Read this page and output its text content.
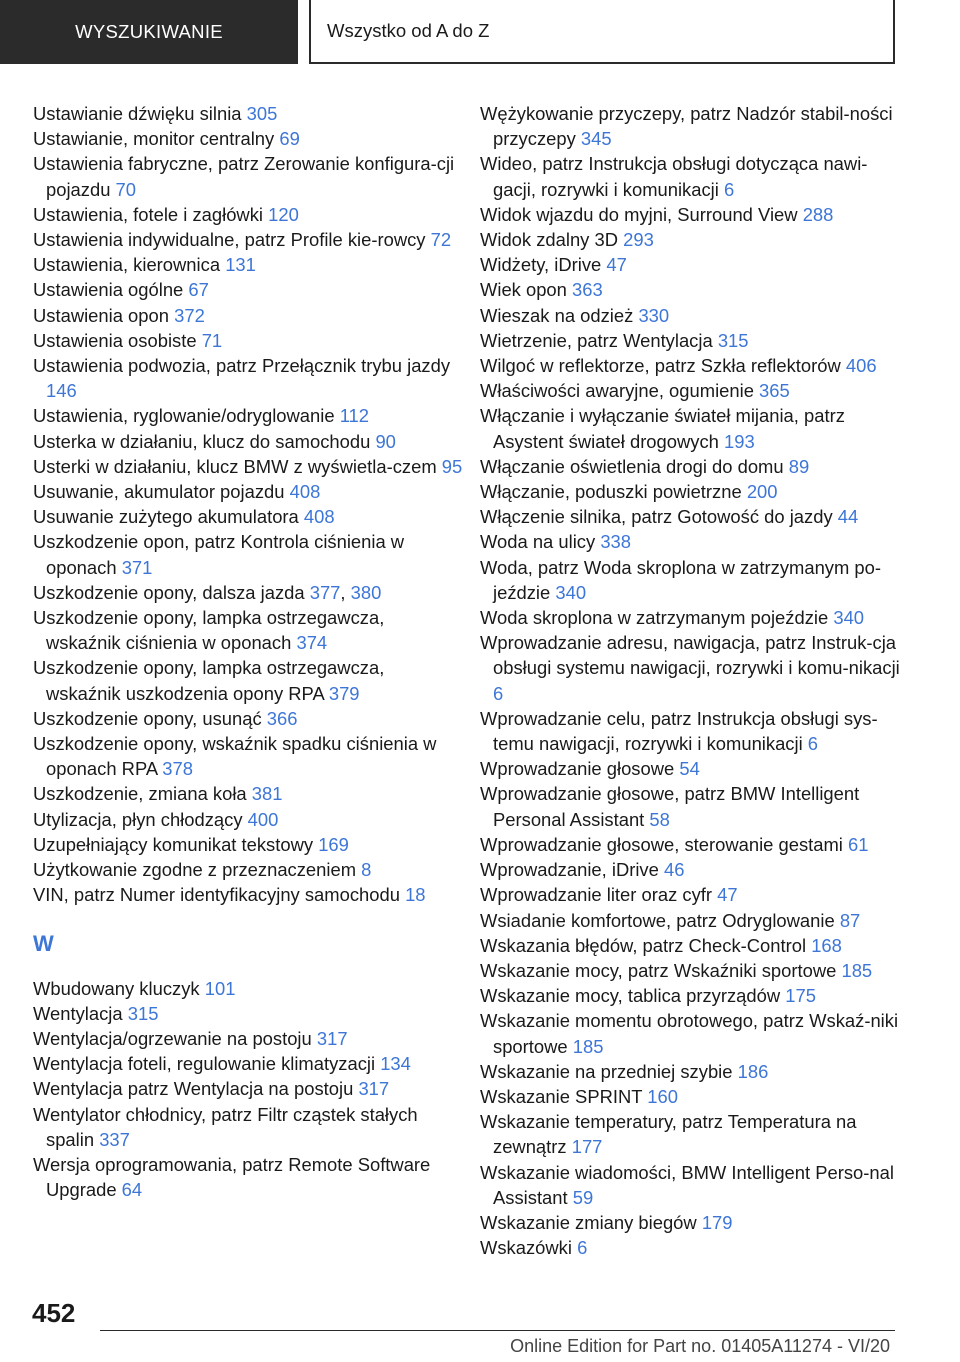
WYSZUKIWANIE	Wszystko od A do Z
Ustawianie dźwięku silnia 305
Ustawianie, monitor centralny 69
Ustawienia fabryczne, patrz Zerowanie konfigura-cji pojazdu 70
Ustawienia, fotele i zagłówki 120
Ustawienia indywidualne, patrz Profile kie-rowcy 72
Ustawienia, kierownica 131
Ustawienia ogólne 67
Ustawienia opon 372
Ustawienia osobiste 71
Ustawienia podwozia, patrz Przełącznik trybu jazdy 146
Ustawienia, ryglowanie/odryglowanie 112
Usterka w działaniu, klucz do samochodu 90
Usterki w działaniu, klucz BMW z wyświetla-czem 95
Usuwanie, akumulator pojazdu 408
Usuwanie zużytego akumulatora 408
Uszkodzenie opon, patrz Kontrola ciśnienia w oponach 371
Uszkodzenie opony, dalsza jazda 377, 380
Uszkodzenie opony, lampka ostrzegawcza, wskaźnik ciśnienia w oponach 374
Uszkodzenie opony, lampka ostrzegawcza, wskaźnik uszkodzenia opony RPA 379
Uszkodzenie opony, usunąć 366
Uszkodzenie opony, wskaźnik spadku ciśnienia w oponach RPA 378
Uszkodzenie, zmiana koła 381
Utylizacja, płyn chłodzący 400
Uzupełniający komunikat tekstowy 169
Użytkowanie zgodne z przeznaczeniem 8
VIN, patrz Numer identyfikacyjny samochodu 18
W
Wbudowany kluczyk 101
Wentylacja 315
Wentylacja/ogrzewanie na postoju 317
Wentylacja foteli, regulowanie klimatyzacji 134
Wentylacja patrz Wentylacja na postoju 317
Wentylator chłodnicy, patrz Filtr cząstek stałych spalin 337
Wersja oprogramowania, patrz Remote Software Upgrade 64
Wężykowanie przyczepy, patrz Nadzór stabil-ności przyczepy 345
Wideo, patrz Instrukcja obsługi dotycząca nawi-gacji, rozrywki i komunikacji 6
Widok wjazdu do myjni, Surround View 288
Widok zdalny 3D 293
Widżety, iDrive 47
Wiek opon 363
Wieszak na odzież 330
Wietrzenie, patrz Wentylacja 315
Wilgoć w reflektorze, patrz Szkła reflektorów 406
Właściwości awaryjne, ogumienie 365
Włączanie i wyłączanie świateł mijania, patrz Asystent świateł drogowych 193
Włączanie oświetlenia drogi do domu 89
Włączanie, poduszki powietrzne 200
Włączenie silnika, patrz Gotowość do jazdy 44
Woda na ulicy 338
Woda, patrz Woda skroplona w zatrzymanym po-jeździe 340
Woda skroplona w zatrzymanym pojeździe 340
Wprowadzanie adresu, nawigacja, patrz Instruk-cja obsługi systemu nawigacji, rozrywki i komu-nikacji 6
Wprowadzanie celu, patrz Instrukcja obsługi sys-temu nawigacji, rozrywki i komunikacji 6
Wprowadzanie głosowe 54
Wprowadzanie głosowe, patrz BMW Intelligent Personal Assistant 58
Wprowadzanie głosowe, sterowanie gestami 61
Wprowadzanie, iDrive 46
Wprowadzanie liter oraz cyfr 47
Wsiadanie komfortowe, patrz Odryglowanie 87
Wskazania błędów, patrz Check-Control 168
Wskazanie mocy, patrz Wskaźniki sportowe 185
Wskazanie mocy, tablica przyrządów 175
Wskazanie momentu obrotowego, patrz Wskaź-niki sportowe 185
Wskazanie na przedniej szybie 186
Wskazanie SPRINT 160
Wskazanie temperatury, patrz Temperatura na zewnątrz 177
Wskazanie wiadomości, BMW Intelligent Perso-nal Assistant 59
Wskazanie zmiany biegów 179
Wskazówki 6
452
Online Edition for Part no. 01405A11274 - VI/20
